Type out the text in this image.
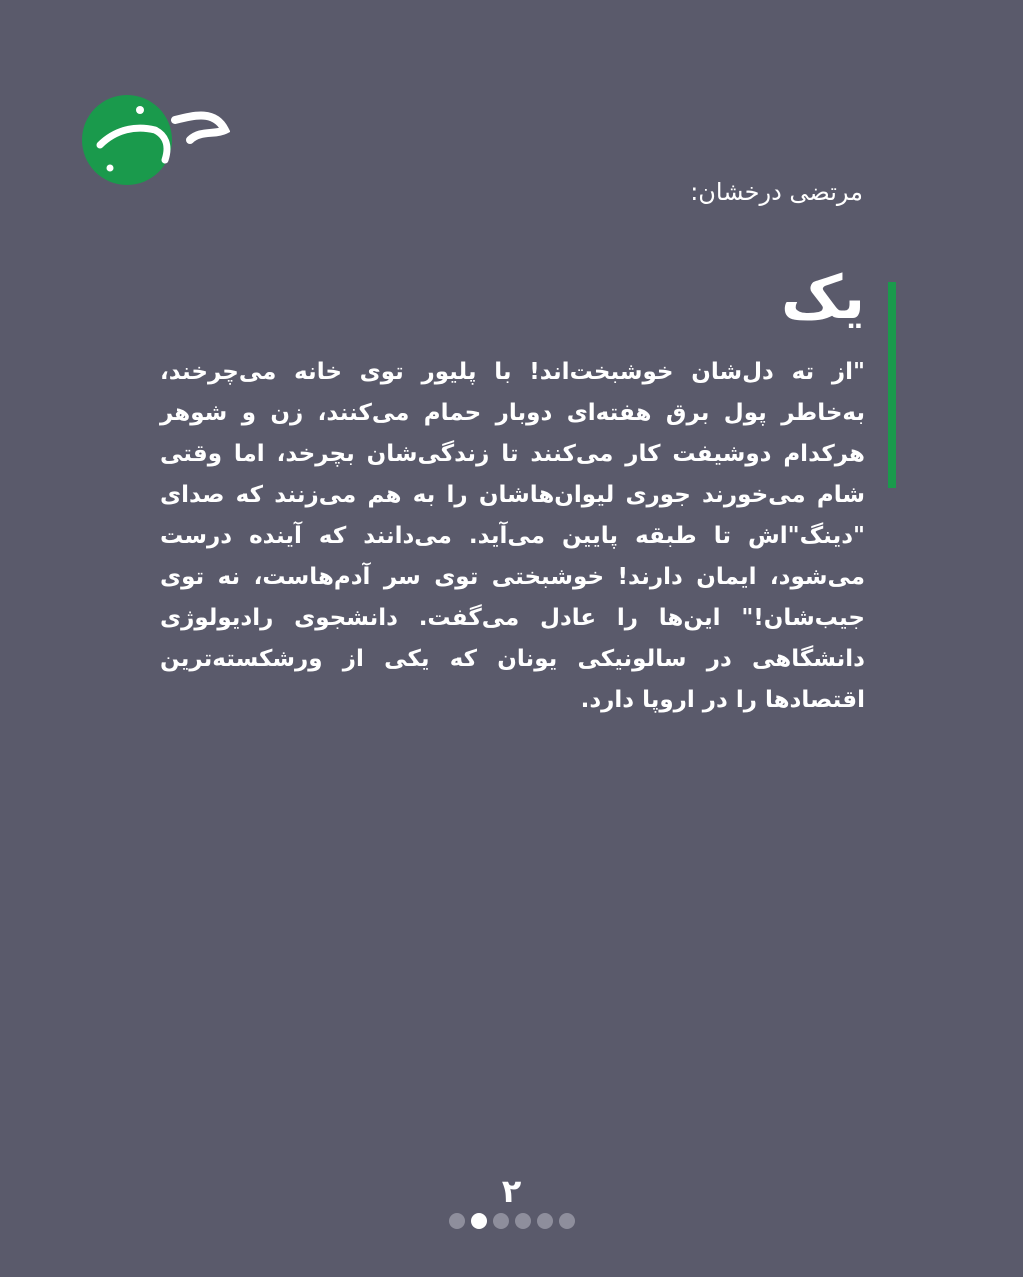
مرتضی درخشان:
یک
"از ته دل‌شان خوشبخت‌اند! با پلیور توی خانه می‌چرخند، به‌خاطر پول برق هفته‌ای دوبار حمام می‌کنند، زن و شوهر هرکدام دوشیفت کار می‌کنند تا زندگی‌شان بچرخد، اما وقتی شام می‌خورند جوری لیوان‌هاشان را به هم می‌زنند که صدای "دینگ"اش تا طبقه پایین می‌آید. می‌دانند که آینده درست می‌شود، ایمان دارند! خوشبختی توی سر آدم‌هاست، نه توی جیب‌شان!" این‌ها را عادل می‌گفت. دانشجوی رادیولوژی دانشگاهی در سالونیکی یونان که یکی از ورشکسته‌ترین اقتصادها را در اروپا دارد.
۲
